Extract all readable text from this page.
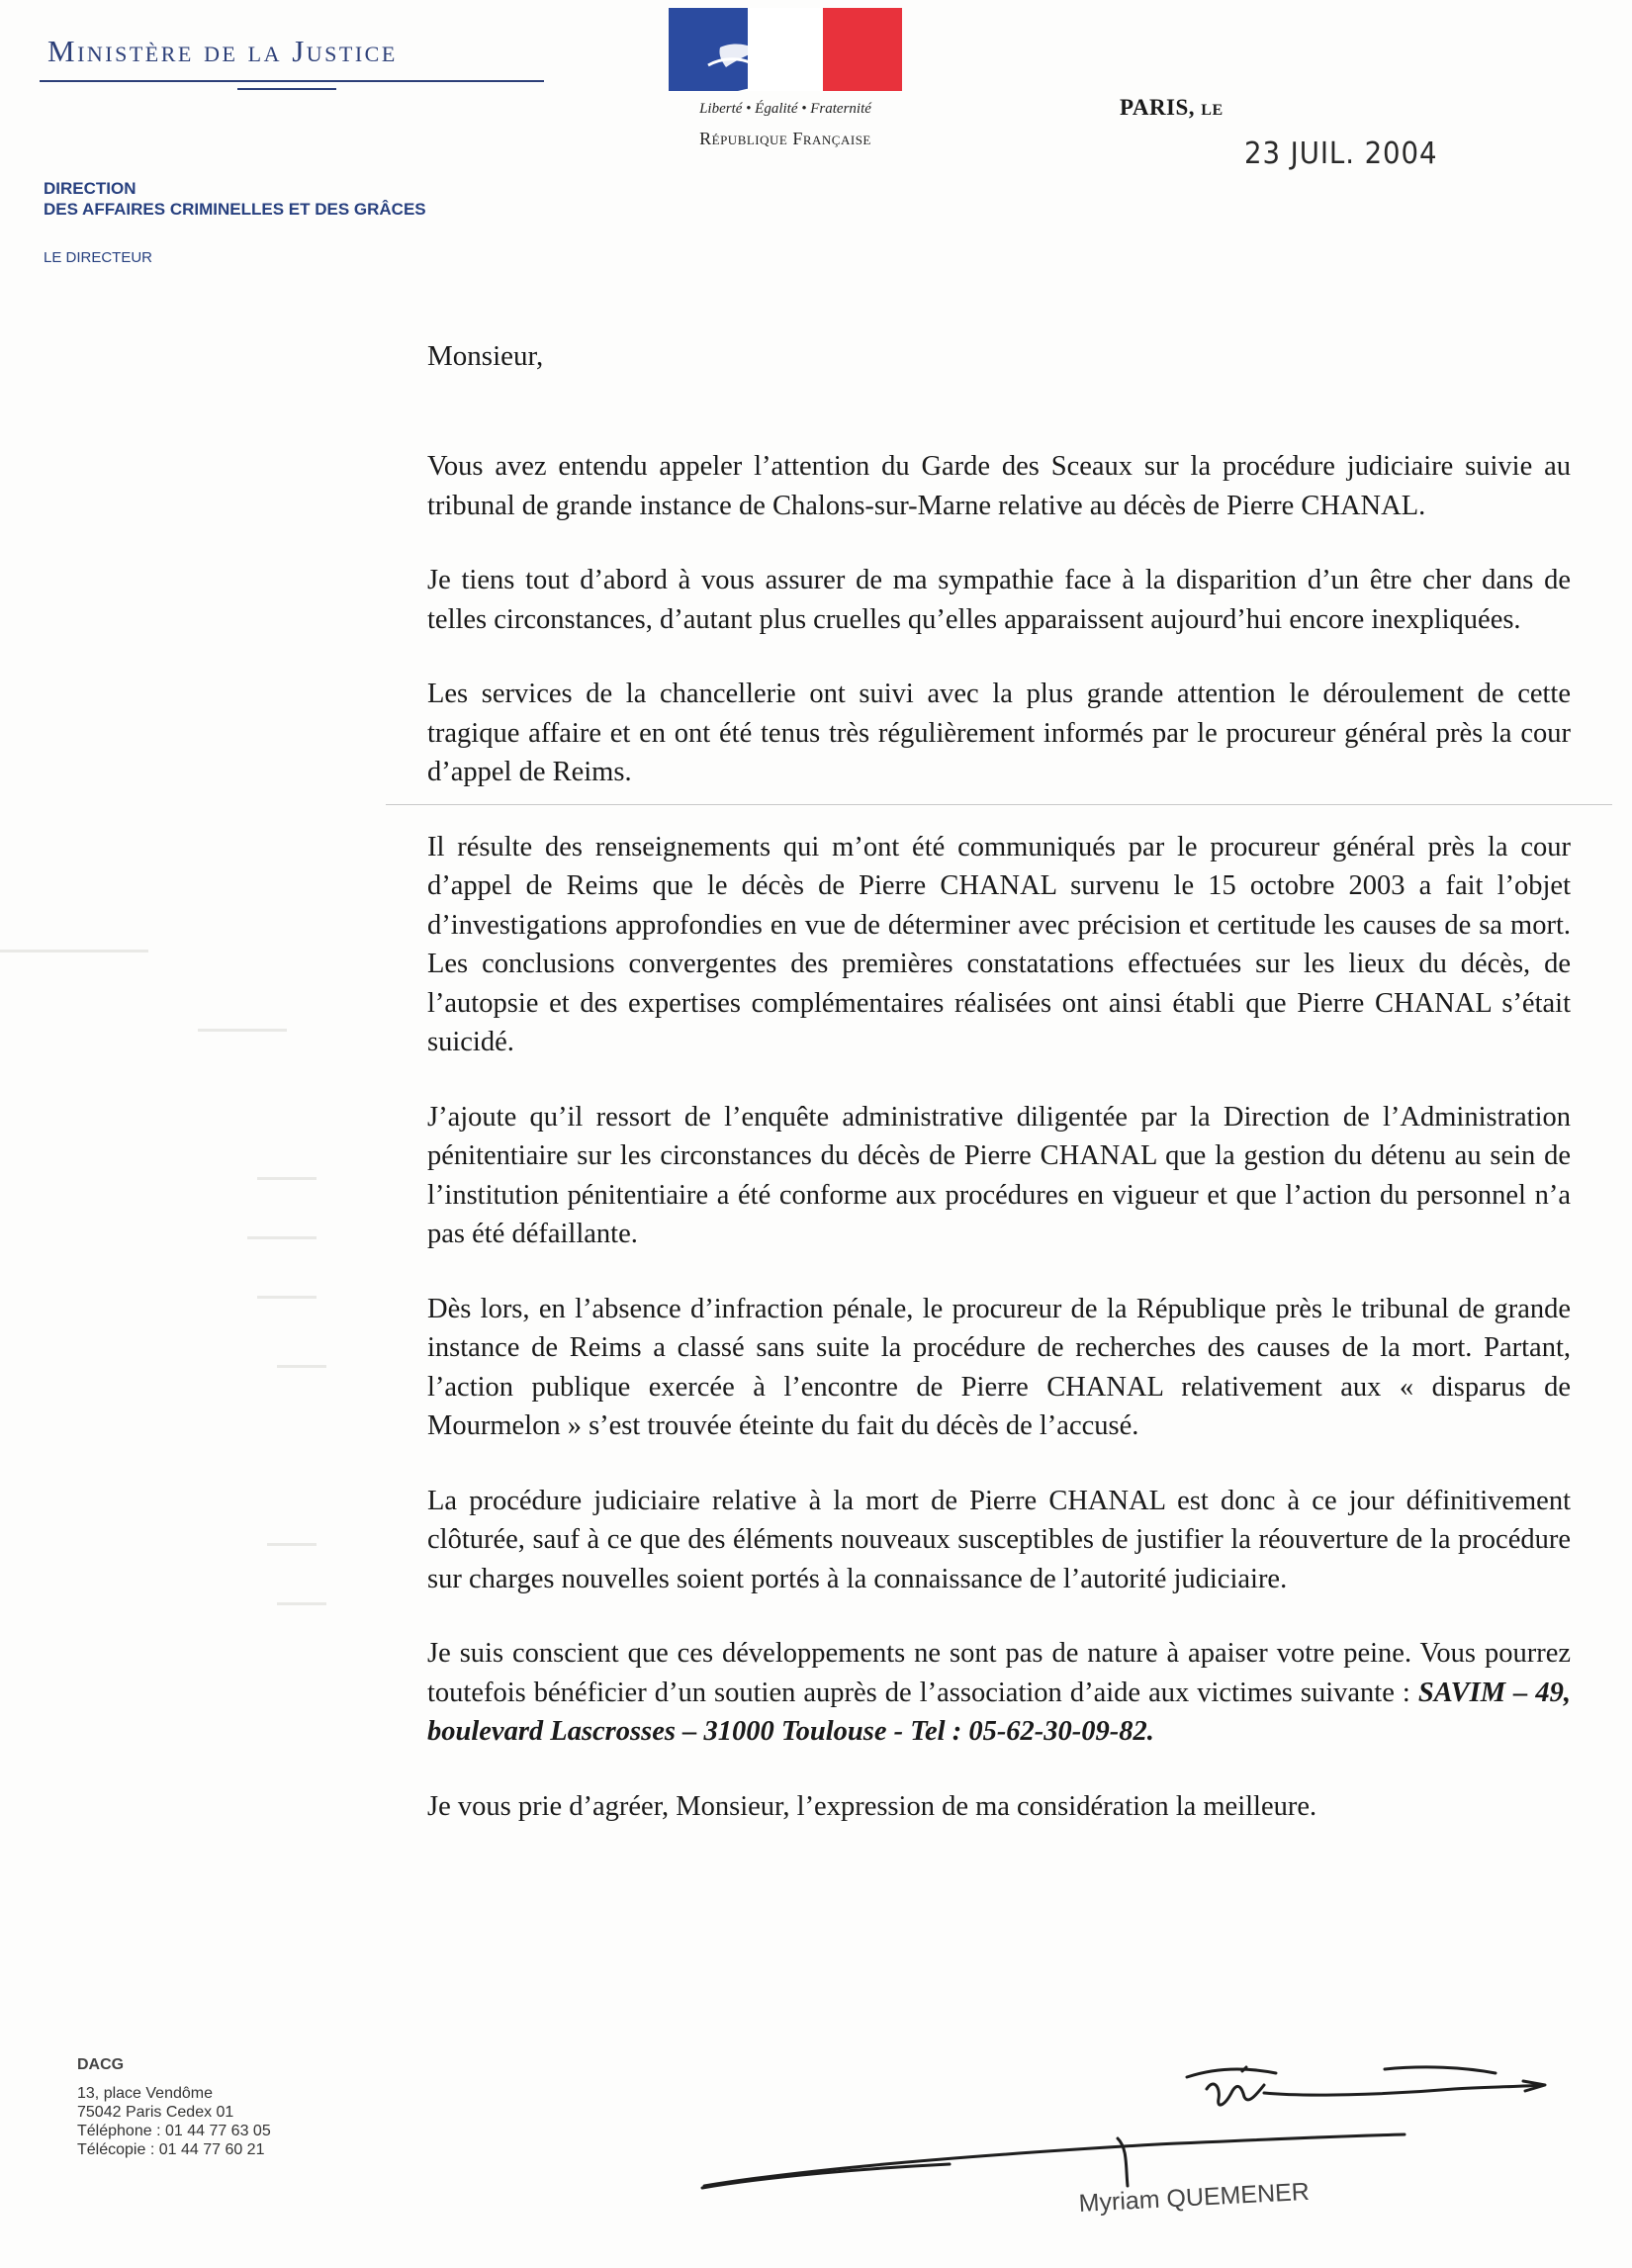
Ministère de la Justice
Liberté • Égalité • Fraternité
République Française
PARIS, le
23 JUIL. 2004
DIRECTION
DES AFFAIRES CRIMINELLES ET DES GRÂCES
LE DIRECTEUR
Monsieur,

Vous avez entendu appeler l’attention du Garde des Sceaux sur la procédure judiciaire suivie au tribunal de grande instance de Chalons-sur-Marne relative au décès de Pierre CHANAL.

Je tiens tout d’abord à vous assurer de ma sympathie face à la disparition d’un être cher dans de telles circonstances, d’autant plus cruelles qu’elles apparaissent aujourd’hui encore inexpliquées.

Les services de la chancellerie ont suivi avec la plus grande attention le déroulement de cette tragique affaire et en ont été tenus très régulièrement informés par le procureur général près la cour d’appel de Reims.

Il résulte des renseignements qui m’ont été communiqués par le procureur général près la cour d’appel de Reims que le décès de Pierre CHANAL survenu le 15 octobre 2003 a fait l’objet d’investigations approfondies en vue de déterminer avec précision et certitude les causes de sa mort. Les conclusions convergentes des premières constatations effectuées sur les lieux du décès, de l’autopsie et des expertises complémentaires réalisées ont ainsi établi que Pierre CHANAL s’était suicidé.

J’ajoute qu’il ressort de l’enquête administrative diligentée par la Direction de l’Administration pénitentiaire sur les circonstances du décès de Pierre CHANAL que la gestion du détenu au sein de l’institution pénitentiaire a été conforme aux procédures en vigueur et que l’action du personnel n’a pas été défaillante.

Dès lors, en l’absence d’infraction pénale, le procureur de la République près le tribunal de grande instance de Reims a classé sans suite la procédure de recherches des causes de la mort. Partant, l’action publique exercée à l’encontre de Pierre CHANAL relativement aux « disparus de Mourmelon » s’est trouvée éteinte du fait du décès de l’accusé.

La procédure judiciaire relative à la mort de Pierre CHANAL est donc à ce jour définitivement clôturée, sauf à ce que des éléments nouveaux susceptibles de justifier la réouverture de la procédure sur charges nouvelles soient portés à la connaissance de l’autorité judiciaire.

Je suis conscient que ces développements ne sont pas de nature à apaiser votre peine. Vous pourrez toutefois bénéficier d’un soutien auprès de l’association d’aide aux victimes suivante : SAVIM – 49, boulevard Lascrosses – 31000 Toulouse - Tel : 05-62-30-09-82.

Je vous prie d’agréer, Monsieur, l’expression de ma considération la meilleure.

DACG
13, place Vendôme
75042 Paris Cedex 01
Téléphone : 01 44 77 63 05
Télécopie : 01 44 77 60 21
Myriam QUEMENER
